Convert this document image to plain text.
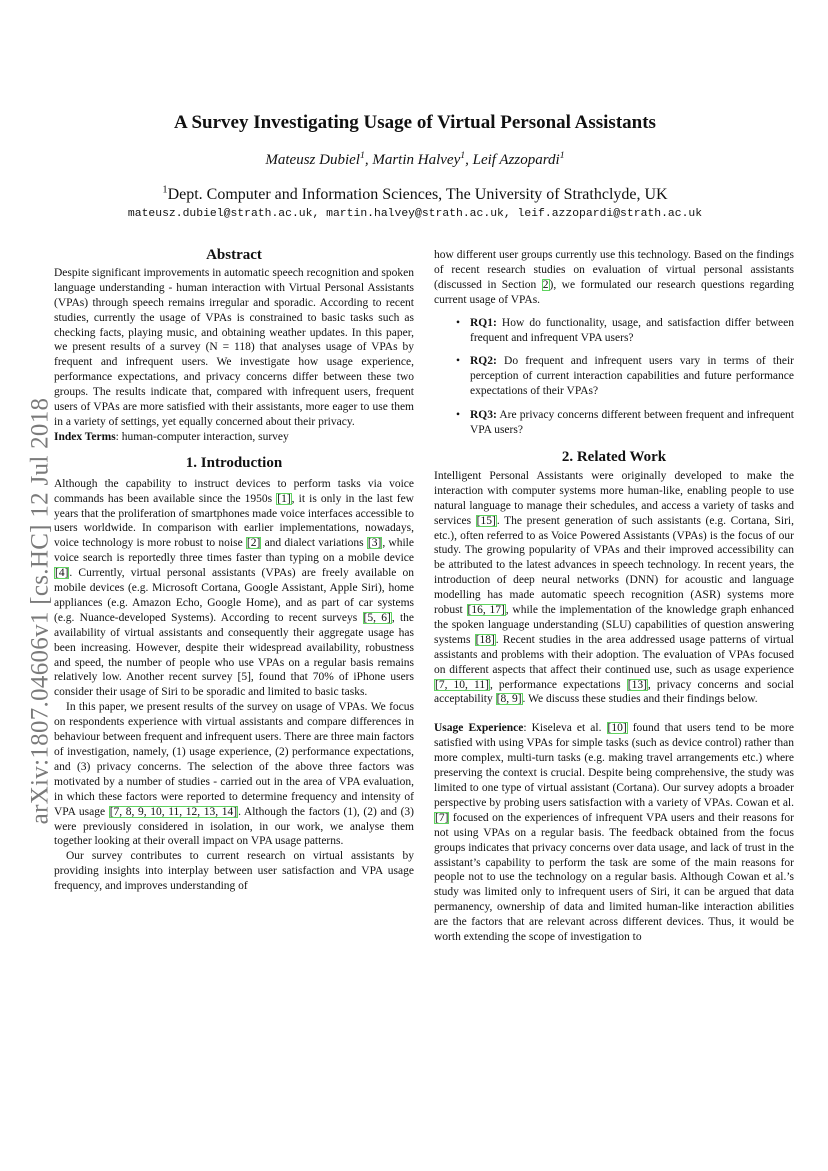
arXiv:1807.04606v1 [cs.HC] 12 Jul 2018
A Survey Investigating Usage of Virtual Personal Assistants
Mateusz Dubiel$^1$, Martin Halvey$^1$, Leif Azzopardi$^1$
$^1$Dept. Computer and Information Sciences, The University of Strathclyde, UK
mateusz.dubiel@strath.ac.uk, martin.halvey@strath.ac.uk, leif.azzopardi@strath.ac.uk
Abstract

Despite significant improvements in automatic speech recognition and spoken language understanding - human interaction with Virtual Personal Assistants (VPAs) through speech remains irregular and sporadic. According to recent studies, currently the usage of VPAs is constrained to basic tasks such as checking facts, playing music, and obtaining weather updates. In this paper, we present results of a survey (N = 118) that analyses usage of VPAs by frequent and infrequent users. We investigate how usage experience, performance expectations, and privacy concerns differ between these two groups. The results indicate that, compared with infrequent users, frequent users of VPAs are more satisfied with their assistants, more eager to use them in a variety of settings, yet equally concerned about their privacy.

Index Terms: human-computer interaction, survey

1. Introduction

Although the capability to instruct devices to perform tasks via voice commands has been available since the 1950s [1], it is only in the last few years that the proliferation of smartphones made voice interfaces accessible to users worldwide. In comparison with earlier implementations, nowadays, voice technology is more robust to noise [2] and dialect variations [3], while voice search is reportedly three times faster than typing on a mobile device [4]. Currently, virtual personal assistants (VPAs) are freely available on mobile devices (e.g. Microsoft Cortana, Google Assistant, Apple Siri), home appliances (e.g. Amazon Echo, Google Home), and as part of car systems (e.g. Nuance-developed Systems). According to recent surveys [5, 6], the availability of virtual assistants and consequently their aggregate usage has been increasing. However, despite their widespread availability, robustness and speed, the number of people who use VPAs on a regular basis remains relatively low. Another recent survey [5], found that 70% of iPhone users consider their usage of Siri to be sporadic and limited to basic tasks.

In this paper, we present results of the survey on usage of VPAs. We focus on respondents experience with virtual assistants and compare differences in behaviour between frequent and infrequent users. There are three main factors of investigation, namely, (1) usage experience, (2) performance expectations, and (3) privacy concerns. The selection of the above three factors was motivated by a number of studies - carried out in the area of VPA evaluation, in which these factors were reported to determine frequency and intensity of VPA usage [7, 8, 9, 10, 11, 12, 13, 14]. Although the factors (1), (2) and (3) were previously considered in isolation, in our work, we analyse them together looking at their overall impact on VPA usage patterns.

Our survey contributes to current research on virtual assistants by providing insights into interplay between user satisfaction and VPA usage frequency, and improves understanding of

how different user groups currently use this technology. Based on the findings of recent research studies on evaluation of virtual personal assistants (discussed in Section 2), we formulated our research questions regarding current usage of VPAs.

• RQ1: How do functionality, usage, and satisfaction differ between frequent and infrequent VPA users?
• RQ2: Do frequent and infrequent users vary in terms of their perception of current interaction capabilities and future performance expectations of their VPAs?
• RQ3: Are privacy concerns different between frequent and infrequent VPA users?
2. Related Work

Intelligent Personal Assistants were originally developed to make the interaction with computer systems more human-like, enabling people to use natural language to manage their schedules, and access a variety of tasks and services [15]. The present generation of such assistants (e.g. Cortana, Siri, etc.), often referred to as Voice Powered Assistants (VPAs) is the focus of our study. The growing popularity of VPAs and their improved accessibility can be attributed to the latest advances in speech technology. In recent years, the introduction of deep neural networks (DNN) for acoustic and language modelling has made automatic speech recognition (ASR) systems more robust [16, 17], while the implementation of the knowledge graph enhanced the spoken language understanding (SLU) capabilities of question answering systems [18]. Recent studies in the area addressed usage patterns of virtual assistants and problems with their adoption. The evaluation of VPAs focused on different aspects that affect their continued use, such as usage experience [7, 10, 11], performance expectations [13], privacy concerns and social acceptability [8, 9]. We discuss these studies and their findings below.

Usage Experience: Kiseleva et al. [10] found that users tend to be more satisfied with using VPAs for simple tasks (such as device control) rather than more complex, multi-turn tasks (e.g. making travel arrangements etc.) where preserving the context is crucial. Despite being comprehensive, the study was limited to one type of virtual assistant (Cortana). Our survey adopts a broader perspective by probing users satisfaction with a variety of VPAs. Cowan et al. [7] focused on the experiences of infrequent VPA users and their reasons for not using VPAs on a regular basis. The feedback obtained from the focus groups indicates that privacy concerns over data usage, and lack of trust in the assistant’s capability to perform the task are some of the main reasons for people not to use the technology on a regular basis. Although Cowan et al.’s study was limited only to infrequent users of Siri, it can be argued that data permanency, ownership of data and limited human-like interaction abilities are the factors that are relevant across different devices. Thus, it would be worth extending the scope of investigation to
